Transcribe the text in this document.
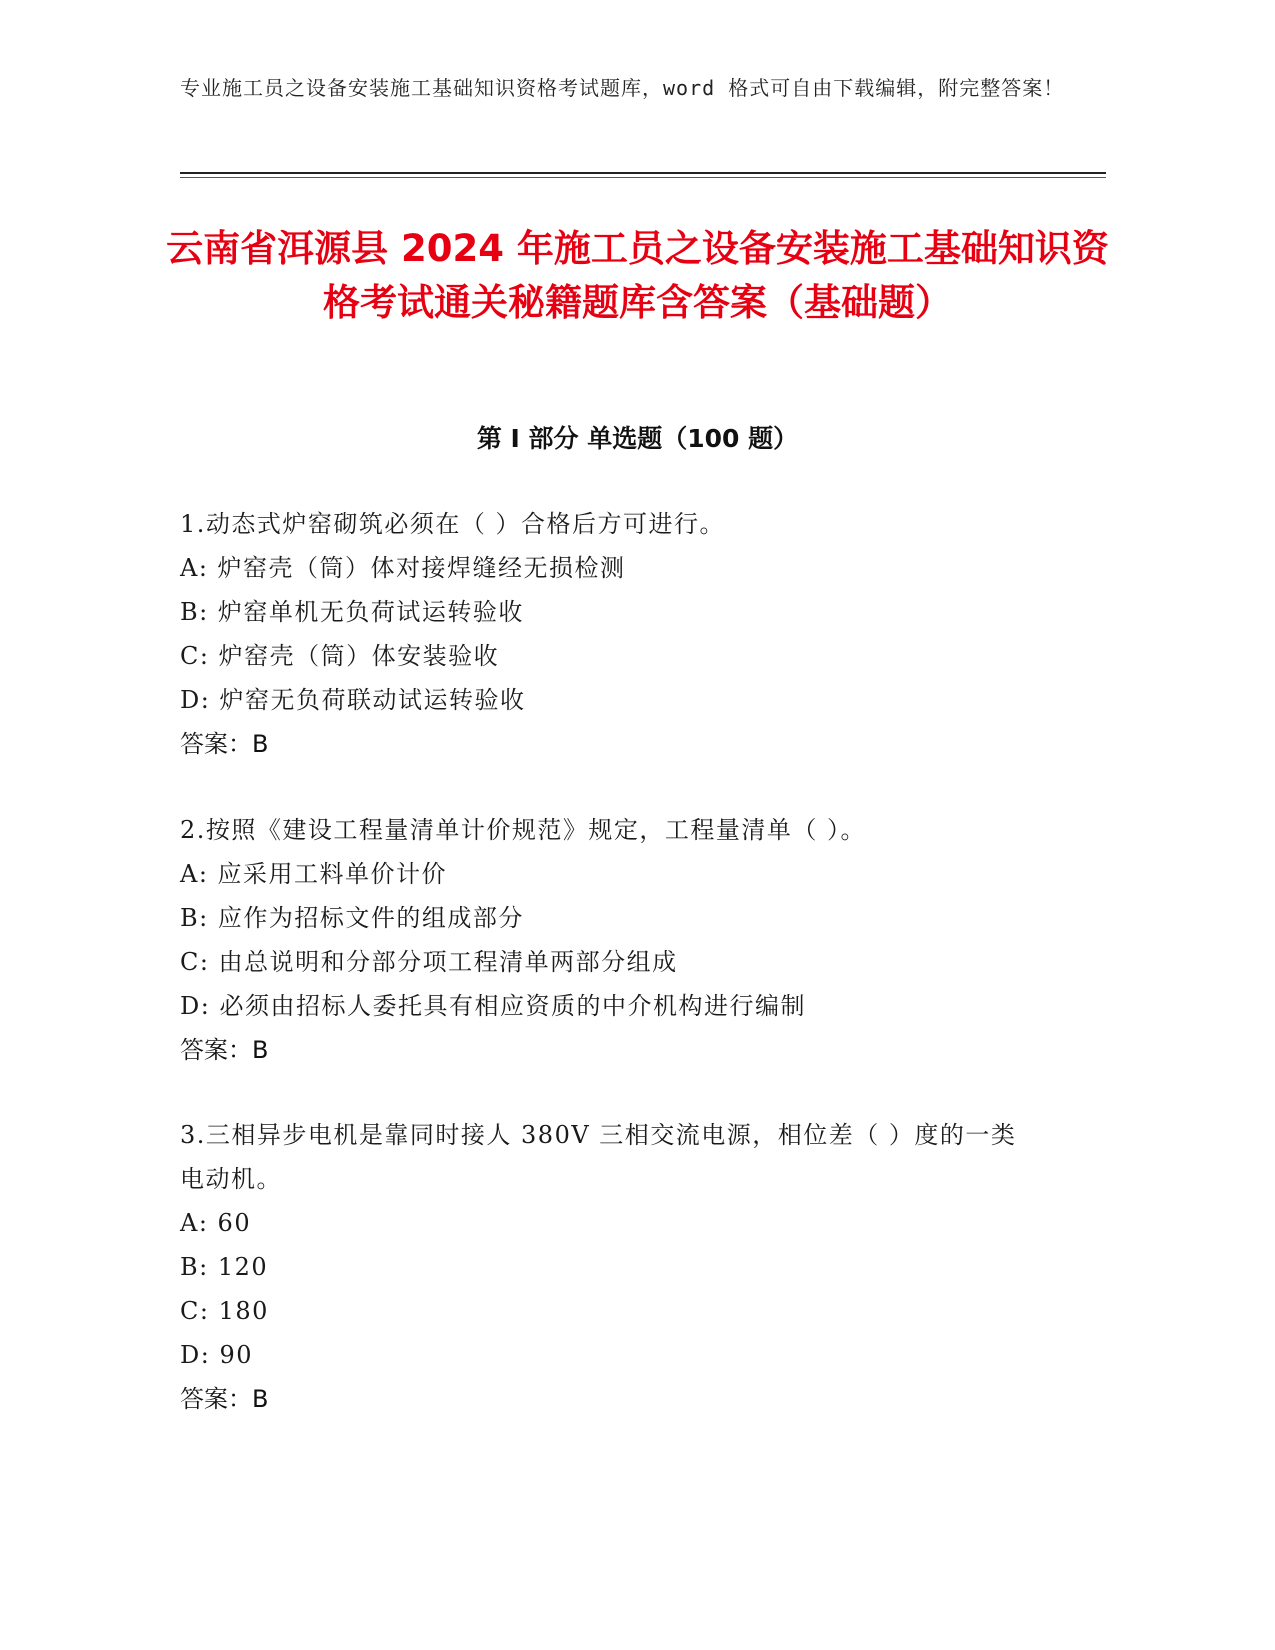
专业施工员之设备安装施工基础知识资格考试题库，word 格式可自由下载编辑，附完整答案！
云南省洱源县 2024 年施工员之设备安装施工基础知识资格考试通关秘籍题库含答案（基础题）
第 I 部分 单选题（100 题）
1.动态式炉窑砌筑必须在（ ）合格后方可进行。
A: 炉窑壳（筒）体对接焊缝经无损检测
B: 炉窑单机无负荷试运转验收
C: 炉窑壳（筒）体安装验收
D: 炉窑无负荷联动试运转验收
答案：B
2.按照《建设工程量清单计价规范》规定，工程量清单（ ）。
A: 应采用工料单价计价
B: 应作为招标文件的组成部分
C: 由总说明和分部分项工程清单两部分组成
D: 必须由招标人委托具有相应资质的中介机构进行编制
答案：B
3.三相异步电机是靠同时接人 380V 三相交流电源，相位差（ ）度的一类电动机。
A: 60
B: 120
C: 180
D: 90
答案：B
